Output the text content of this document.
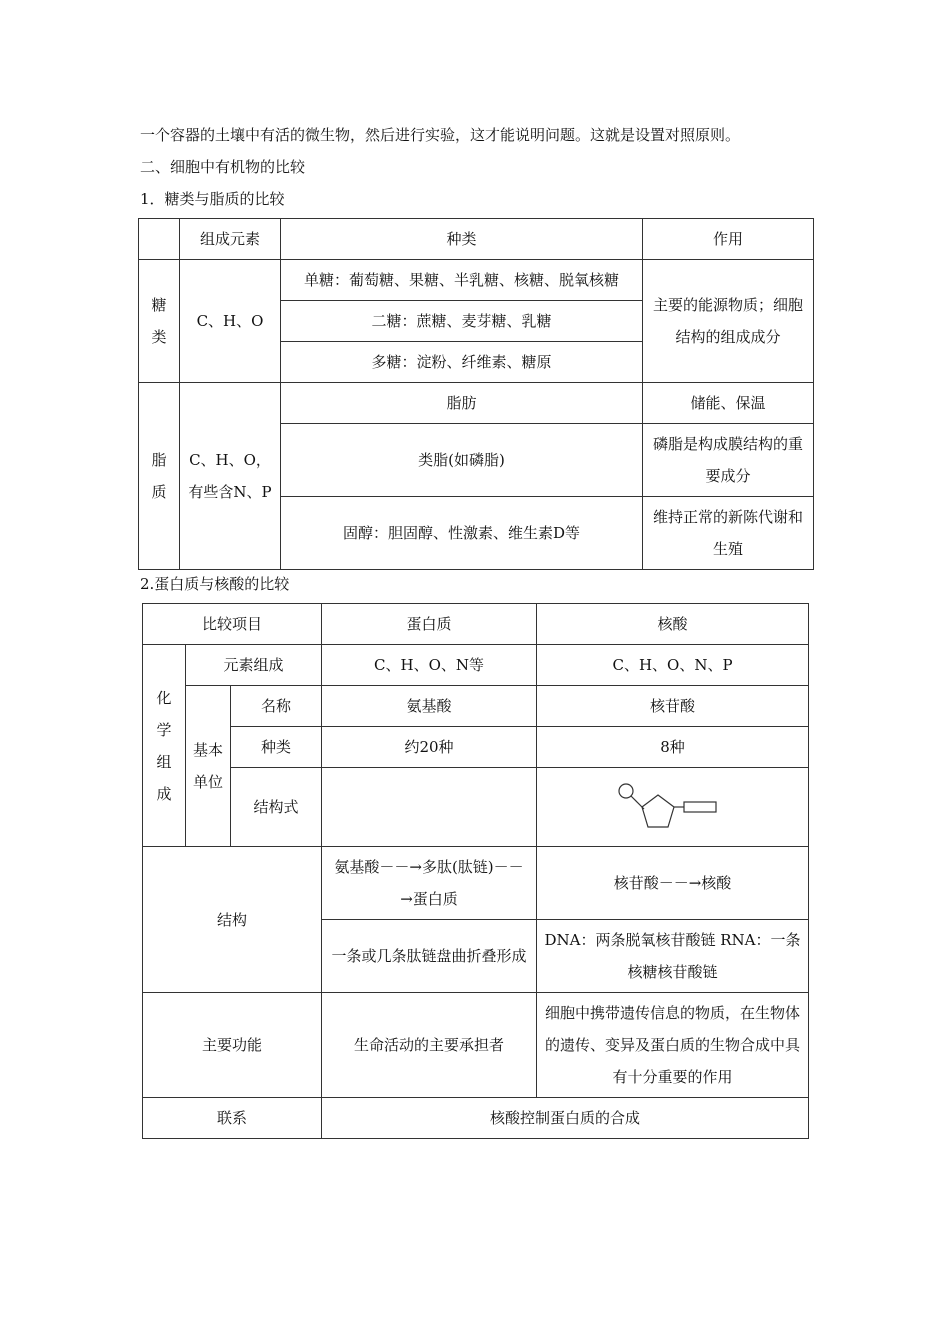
一个容器的土壤中有活的微生物，然后进行实验，这才能说明问题。这就是设置对照原则。

二、细胞中有机物的比较

1．糖类与脂质的比较

	组成元素	种类	作用
糖类	C、H、O	单糖：葡萄糖、果糖、半乳糖、核糖、脱氧核糖	主要的能源物质；细胞结构的组成成分
		二糖：蔗糖、麦芽糖、乳糖	
		多糖：淀粉、纤维素、糖原	
脂质	C、H、O，有些含N、P	脂肪	储能、保温
		类脂(如磷脂)	磷脂是构成膜结构的重要成分
		固醇：胆固醇、性激素、维生素D等	维持正常的新陈代谢和生殖

2.蛋白质与核酸的比较

比较项目			蛋白质	核酸
化学组成	元素组成		C、H、O、N等	C、H、O、N、P
	基本单位	名称	氨基酸	核苷酸
		种类	约20种	8种
		结构式		

结构			氨基酸－－→多肽(肽链)－－→蛋白质	核苷酸－－→核酸
			一条或几条肽链盘曲折叠形成	DNA：两条脱氧核苷酸链 RNA：一条核糖核苷酸链
主要功能			生命活动的主要承担者	细胞中携带遗传信息的物质，在生物体的遗传、变异及蛋白质的生物合成中具有十分重要的作用
联系			核酸控制蛋白质的合成	
